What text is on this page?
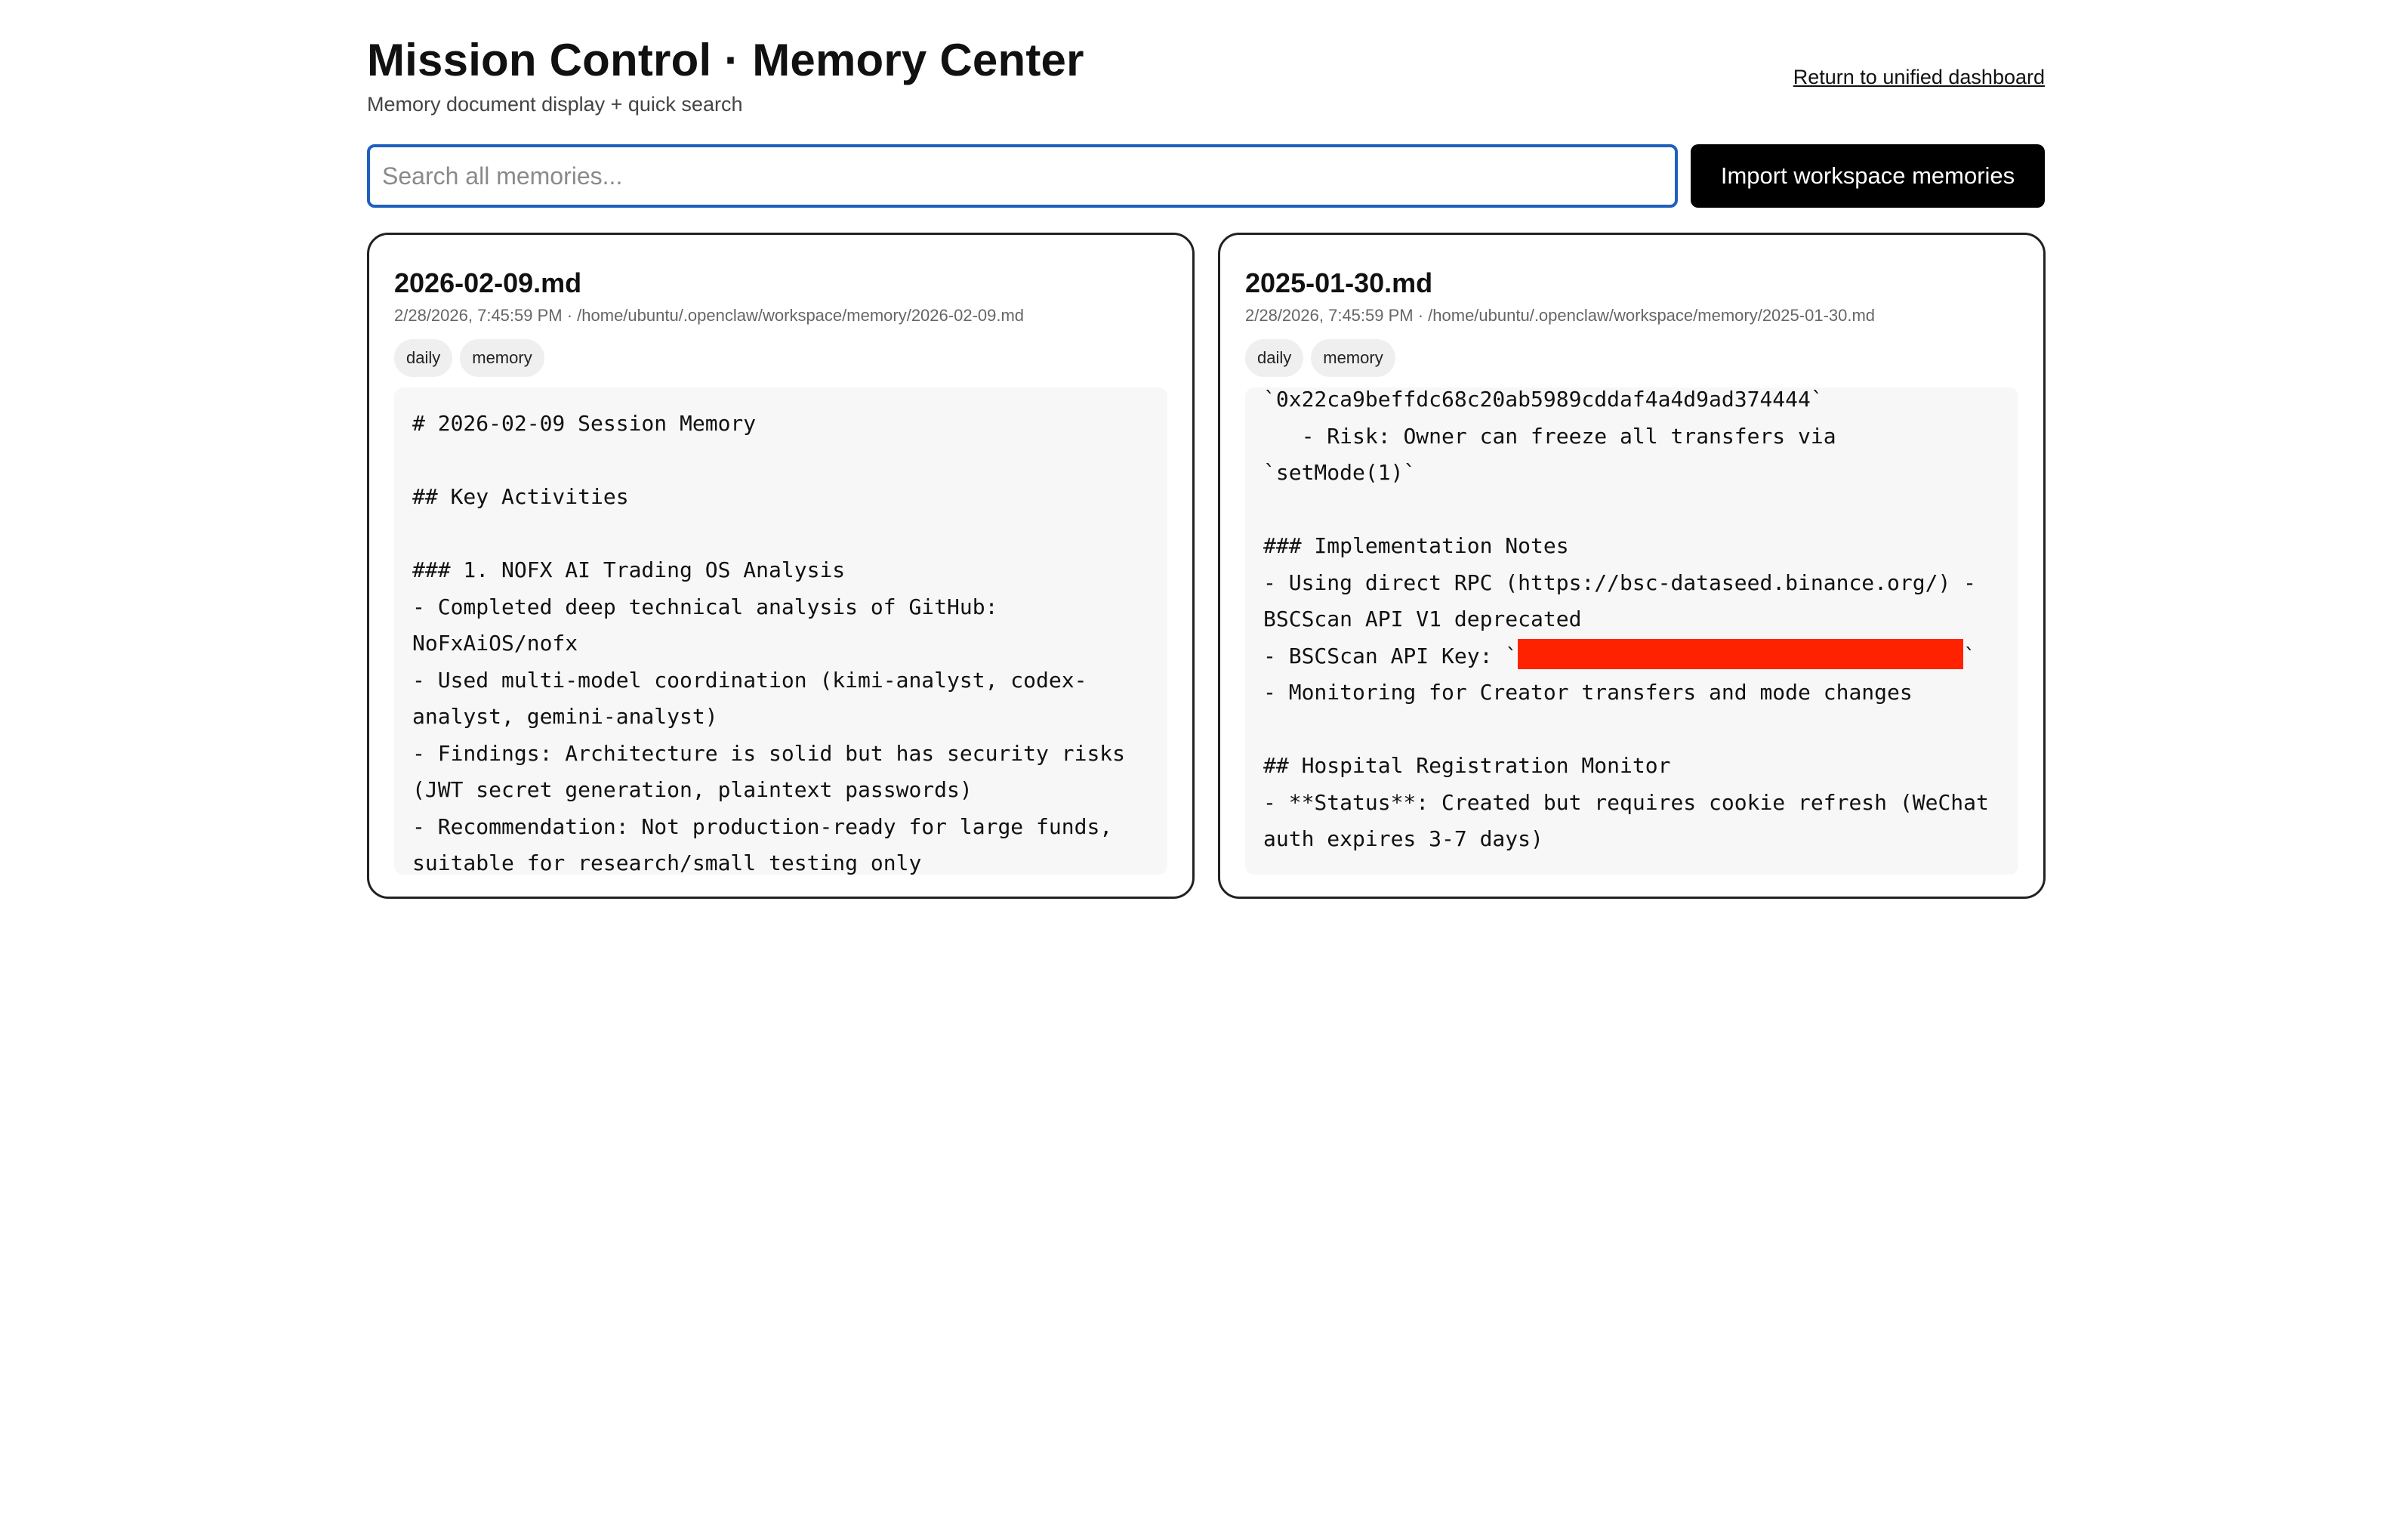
Mission Control · Memory Center
Memory document display + quick search
Return to unified dashboard
Search all memories...
Import workspace memories
2026-02-09.md
2/28/2026, 7:45:59 PM · /home/ubuntu/.openclaw/workspace/memory/2026-02-09.md
daily	memory
# 2026-02-09 Session Memory

## Key Activities

### 1. NOFX AI Trading OS Analysis
- Completed deep technical analysis of GitHub:
NoFxAiOS/nofx
- Used multi-model coordination (kimi-analyst, codex-
analyst, gemini-analyst)
- Findings: Architecture is solid but has security risks
(JWT secret generation, plaintext passwords)
- Recommendation: Not production-ready for large funds,
suitable for research/small testing only
2025-01-30.md
2/28/2026, 7:45:59 PM · /home/ubuntu/.openclaw/workspace/memory/2025-01-30.md
daily	memory
`0x22ca9beffdc68c20ab5989cddaf4a4d9ad374444`
- Risk: Owner can freeze all transfers via
`setMode(1)`

### Implementation Notes
- Using direct RPC (https://bsc-dataseed.binance.org/) -
BSCScan API V1 deprecated
- BSCScan API Key: `	`
- Monitoring for Creator transfers and mode changes

## Hospital Registration Monitor
- **Status**: Created but requires cookie refresh (WeChat
auth expires 3-7 days)
